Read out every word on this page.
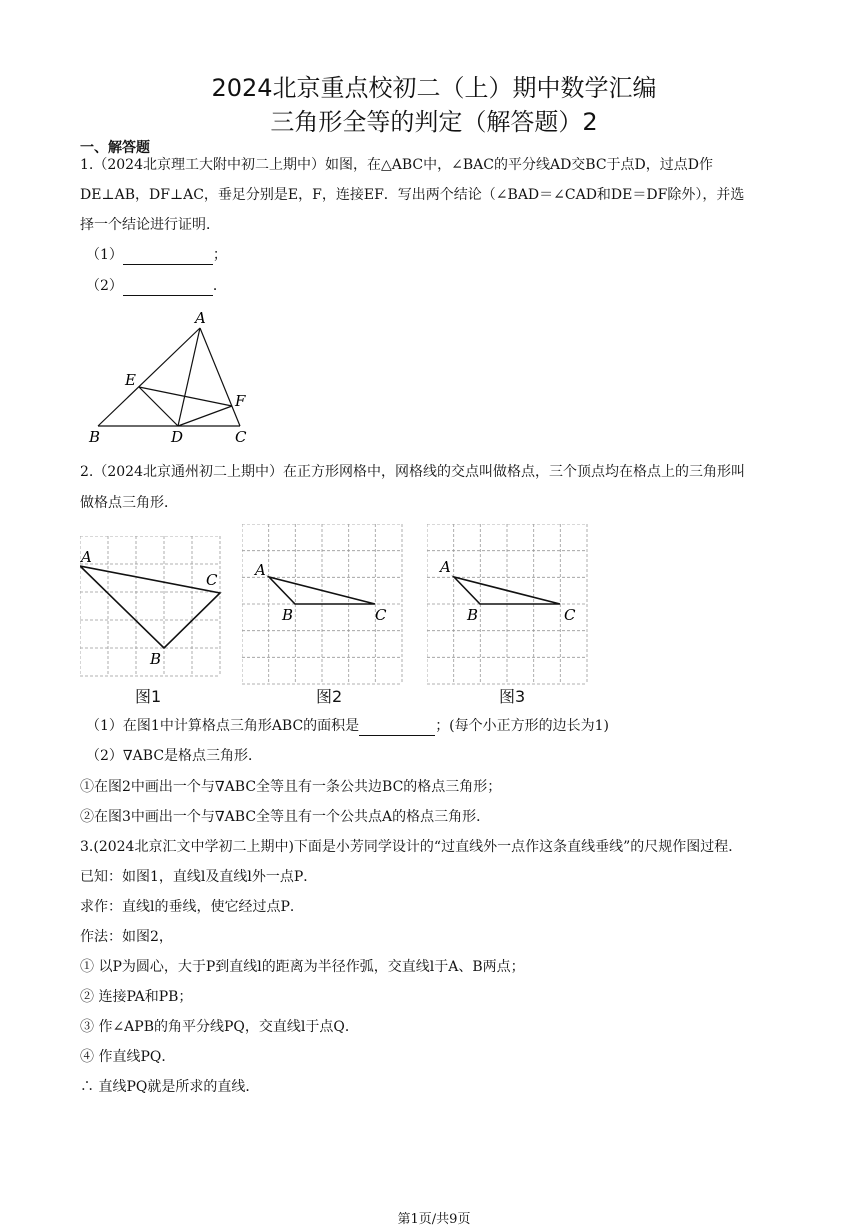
2024北京重点校初二（上）期中数学汇编
三角形全等的判定（解答题）2
一、解答题
1.（2024北京理工大附中初二上期中）如图，在△ABC中，∠BAC的平分线AD交BC于点D，过点D作
DE⊥AB，DF⊥AC，垂足分别是E，F，连接EF．写出两个结论（∠BAD＝∠CAD和DE＝DF除外），并选
择一个结论进行证明．
（1）	；
（2）	．
A
B	C
D
E
F
2.（2024北京通州初二上期中）在正方形网格中，网格线的交点叫做格点，三个顶点均在格点上的三角形叫
做格点三角形．
A
C
B
图1
A
B	C
图2
A
B	C
图3
（1）在图1中计算格点三角形ABC的面积是	；(每个小正方形的边长为1)
（2）∇ABC是格点三角形．
①在图2中画出一个与∇ABC全等且有一条公共边BC的格点三角形；
②在图3中画出一个与∇ABC全等且有一个公共点A的格点三角形．
3.(2024北京汇文中学初二上期中)下面是小芳同学设计的“过直线外一点作这条直线垂线”的尺规作图过程．
已知：如图1，直线l及直线l外一点P．
求作：直线l的垂线，使它经过点P．
作法：如图2，
① 以P为圆心，大于P到直线l的距离为半径作弧，交直线l于A、B两点；
② 连接PA和PB；
③ 作∠APB的角平分线PQ，交直线l于点Q．
④ 作直线PQ．
∴ 直线PQ就是所求的直线．
第1页/共9页
